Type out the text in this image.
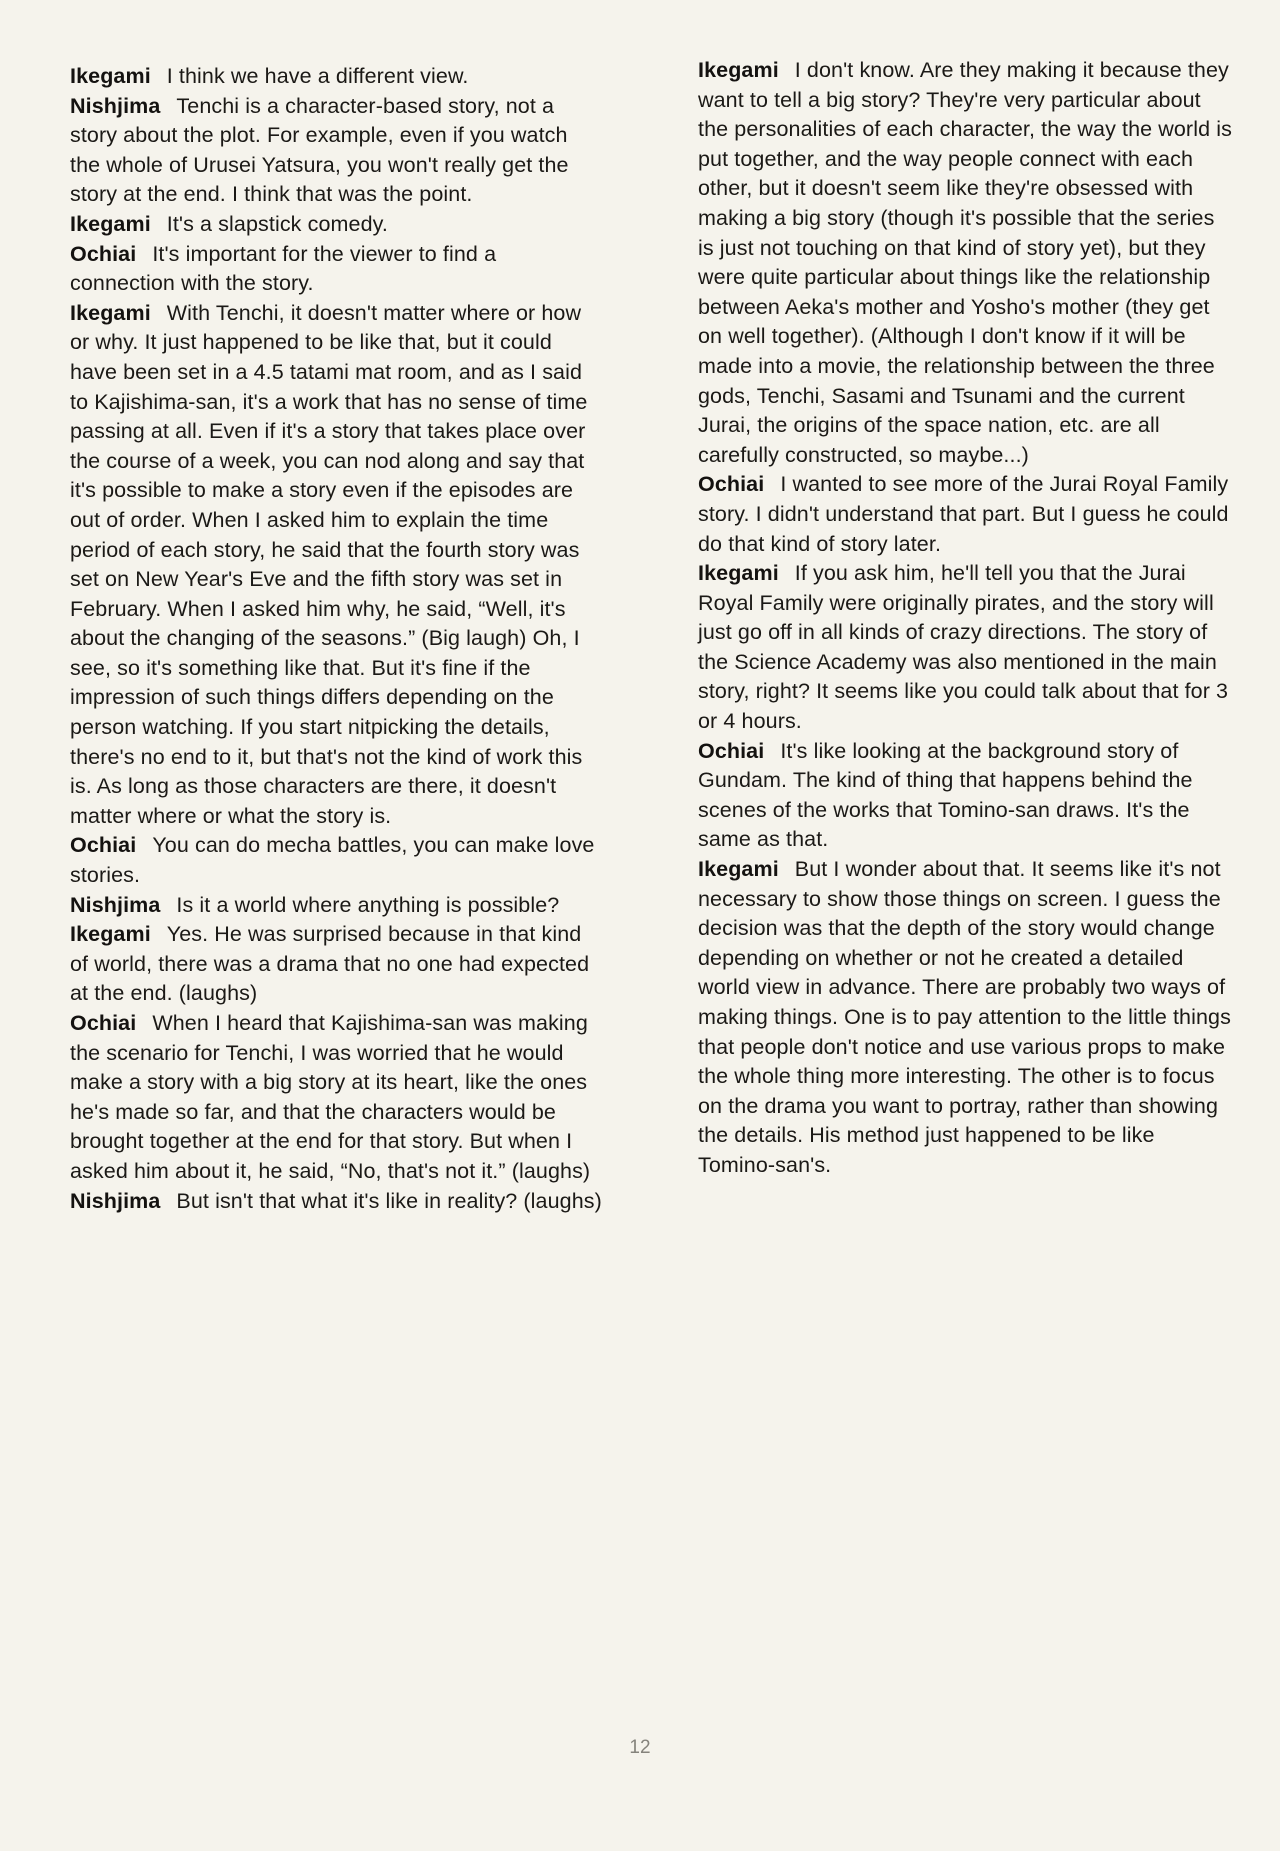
Ikegami I think we have a different view.

Nishjima Tenchi is a character-based story, not a story about the plot. For example, even if you watch the whole of Urusei Yatsura, you won't really get the story at the end. I think that was the point.

Ikegami It's a slapstick comedy.

Ochiai It's important for the viewer to find a connection with the story.

Ikegami With Tenchi, it doesn't matter where or how or why. It just happened to be like that, but it could have been set in a 4.5 tatami mat room, and as I said to Kajishima-san, it's a work that has no sense of time passing at all. Even if it's a story that takes place over the course of a week, you can nod along and say that it's possible to make a story even if the episodes are out of order. When I asked him to explain the time period of each story, he said that the fourth story was set on New Year's Eve and the fifth story was set in February. When I asked him why, he said, “Well, it's about the changing of the seasons.” (Big laugh) Oh, I see, so it's something like that. But it's fine if the impression of such things differs depending on the person watching. If you start nitpicking the details, there's no end to it, but that's not the kind of work this is. As long as those characters are there, it doesn't matter where or what the story is.

Ochiai You can do mecha battles, you can make love stories.

Nishjima Is it a world where anything is possible?

Ikegami Yes. He was surprised because in that kind of world, there was a drama that no one had expected at the end. (laughs)

Ochiai When I heard that Kajishima-san was making the scenario for Tenchi, I was worried that he would make a story with a big story at its heart, like the ones he's made so far, and that the characters would be brought together at the end for that story. But when I asked him about it, he said, “No, that's not it.” (laughs)

Nishjima But isn't that what it's like in reality? (laughs)

Ikegami I don't know. Are they making it because they want to tell a big story? They're very particular about the personalities of each character, the way the world is put together, and the way people connect with each other, but it doesn't seem like they're obsessed with making a big story (though it's possible that the series is just not touching on that kind of story yet), but they were quite particular about things like the relationship between Aeka's mother and Yosho's mother (they get on well together). (Although I don't know if it will be made into a movie, the relationship between the three gods, Tenchi, Sasami and Tsunami and the current Jurai, the origins of the space nation, etc. are all carefully constructed, so maybe...)

Ochiai I wanted to see more of the Jurai Royal Family story. I didn't understand that part. But I guess he could do that kind of story later.

Ikegami If you ask him, he'll tell you that the Jurai Royal Family were originally pirates, and the story will just go off in all kinds of crazy directions. The story of the Science Academy was also mentioned in the main story, right? It seems like you could talk about that for 3 or 4 hours.

Ochiai It's like looking at the background story of Gundam. The kind of thing that happens behind the scenes of the works that Tomino-san draws. It's the same as that.

Ikegami But I wonder about that. It seems like it's not necessary to show those things on screen. I guess the decision was that the depth of the story would change depending on whether or not he created a detailed world view in advance. There are probably two ways of making things. One is to pay attention to the little things that people don't notice and use various props to make the whole thing more interesting. The other is to focus on the drama you want to portray, rather than showing the details. His method just happened to be like Tomino-san's.

12
